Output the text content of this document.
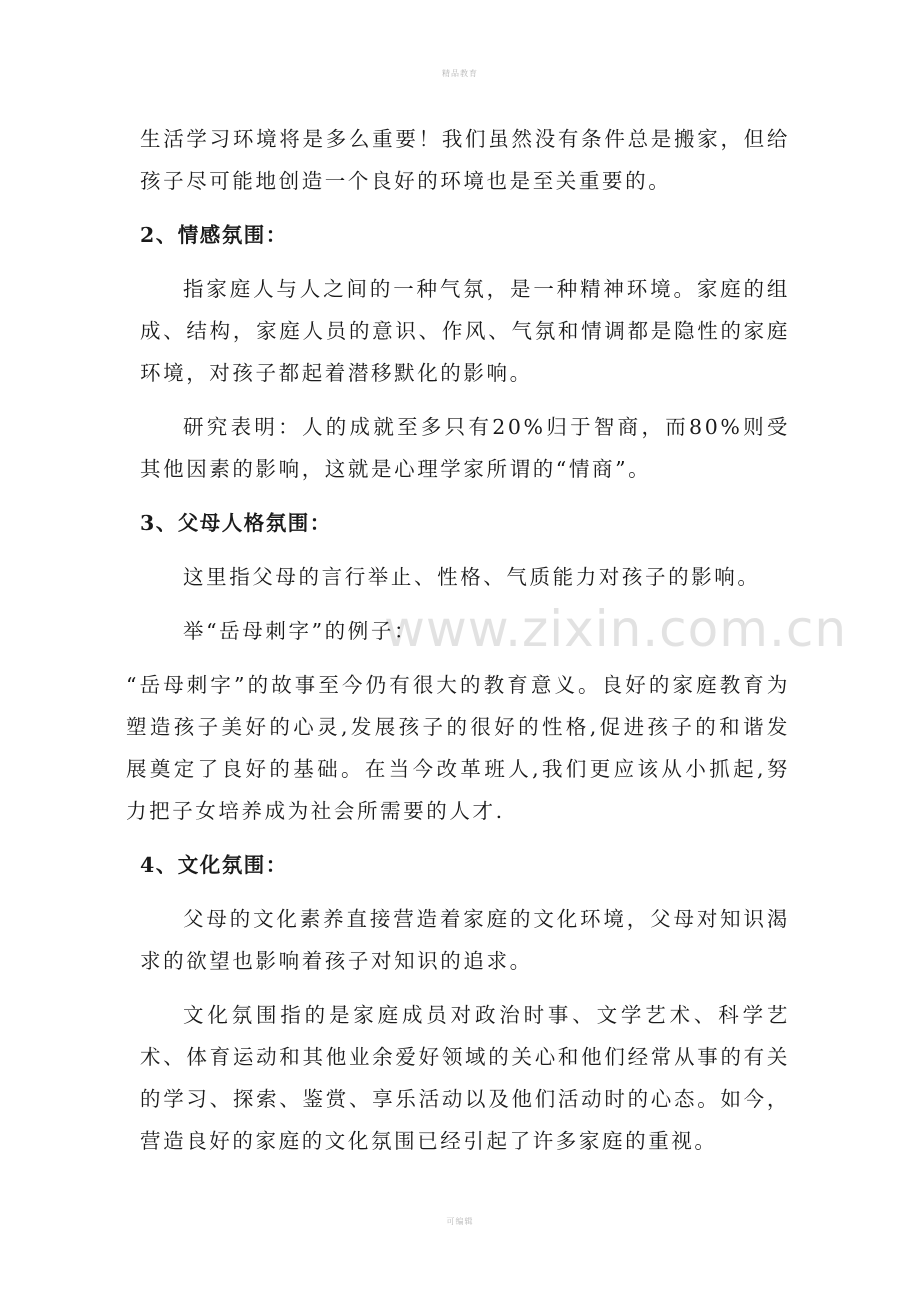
精品教育
www.zixin.com.cn

生活学习环境将是多么重要！我们虽然没有条件总是搬家，但给孩子尽可能地创造一个良好的环境也是至关重要的。

2、情感氛围：

指家庭人与人之间的一种气氛，是一种精神环境。家庭的组成、结构，家庭人员的意识、作风、气氛和情调都是隐性的家庭环境，对孩子都起着潜移默化的影响。

研究表明：人的成就至多只有20%归于智商，而80%则受其他因素的影响，这就是心理学家所谓的“情商”。

3、父母人格氛围：

这里指父母的言行举止、性格、气质能力对孩子的影响。

举“岳母刺字”的例子：

“岳母刺字”的故事至今仍有很大的教育意义。良好的家庭教育为塑造孩子美好的心灵,发展孩子的很好的性格,促进孩子的和谐发展奠定了良好的基础。在当今改革班人,我们更应该从小抓起,努力把子女培养成为社会所需要的人才.

4、文化氛围：

父母的文化素养直接营造着家庭的文化环境，父母对知识渴求的欲望也影响着孩子对知识的追求。

文化氛围指的是家庭成员对政治时事、文学艺术、科学艺术、体育运动和其他业余爱好领域的关心和他们经常从事的有关的学习、探索、鉴赏、享乐活动以及他们活动时的心态。如今，营造良好的家庭的文化氛围已经引起了许多家庭的重视。

可编辑
